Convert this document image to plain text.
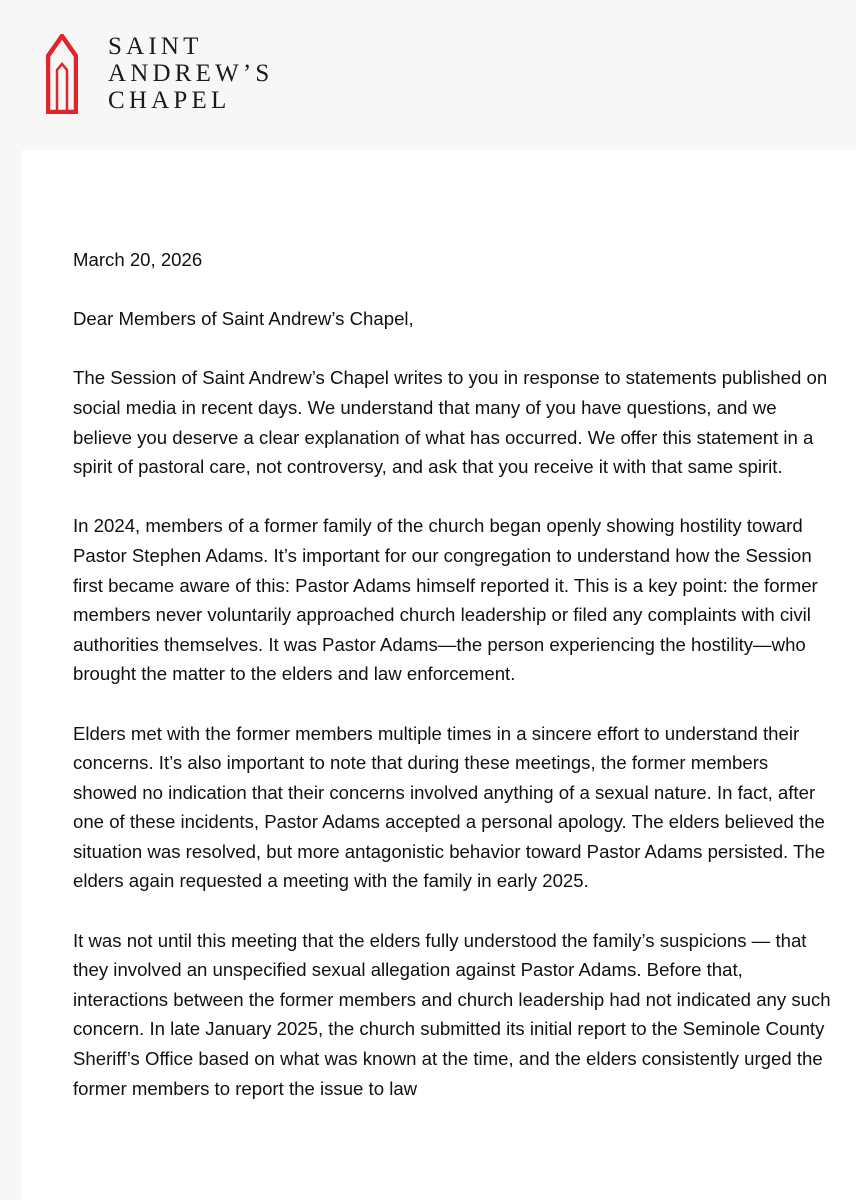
SAINT
ANDREW’S
CHAPEL

March 20, 2026

Dear Members of Saint Andrew’s Chapel,

The Session of Saint Andrew’s Chapel writes to you in response to statements published on social media in recent days. We understand that many of you have questions, and we believe you deserve a clear explanation of what has occurred. We offer this statement in a spirit of pastoral care, not controversy, and ask that you receive it with that same spirit.

In 2024, members of a former family of the church began openly showing hostility toward Pastor Stephen Adams. It’s important for our congregation to understand how the Session first became aware of this: Pastor Adams himself reported it. This is a key point: the former members never voluntarily approached church leadership or filed any complaints with civil authorities themselves. It was Pastor Adams—the person experiencing the hostility—who brought the matter to the elders and law enforcement.

Elders met with the former members multiple times in a sincere effort to understand their concerns. It’s also important to note that during these meetings, the former members showed no indication that their concerns involved anything of a sexual nature. In fact, after one of these incidents, Pastor Adams accepted a personal apology. The elders believed the situation was resolved, but more antagonistic behavior toward Pastor Adams persisted. The elders again requested a meeting with the family in early 2025.

It was not until this meeting that the elders fully understood the family’s suspicions — that they involved an unspecified sexual allegation against Pastor Adams. Before that, interactions between the former members and church leadership had not indicated any such concern. In late January 2025, the church submitted its initial report to the Seminole County Sheriff’s Office based on what was known at the time, and the elders consistently urged the former members to report the issue to law
